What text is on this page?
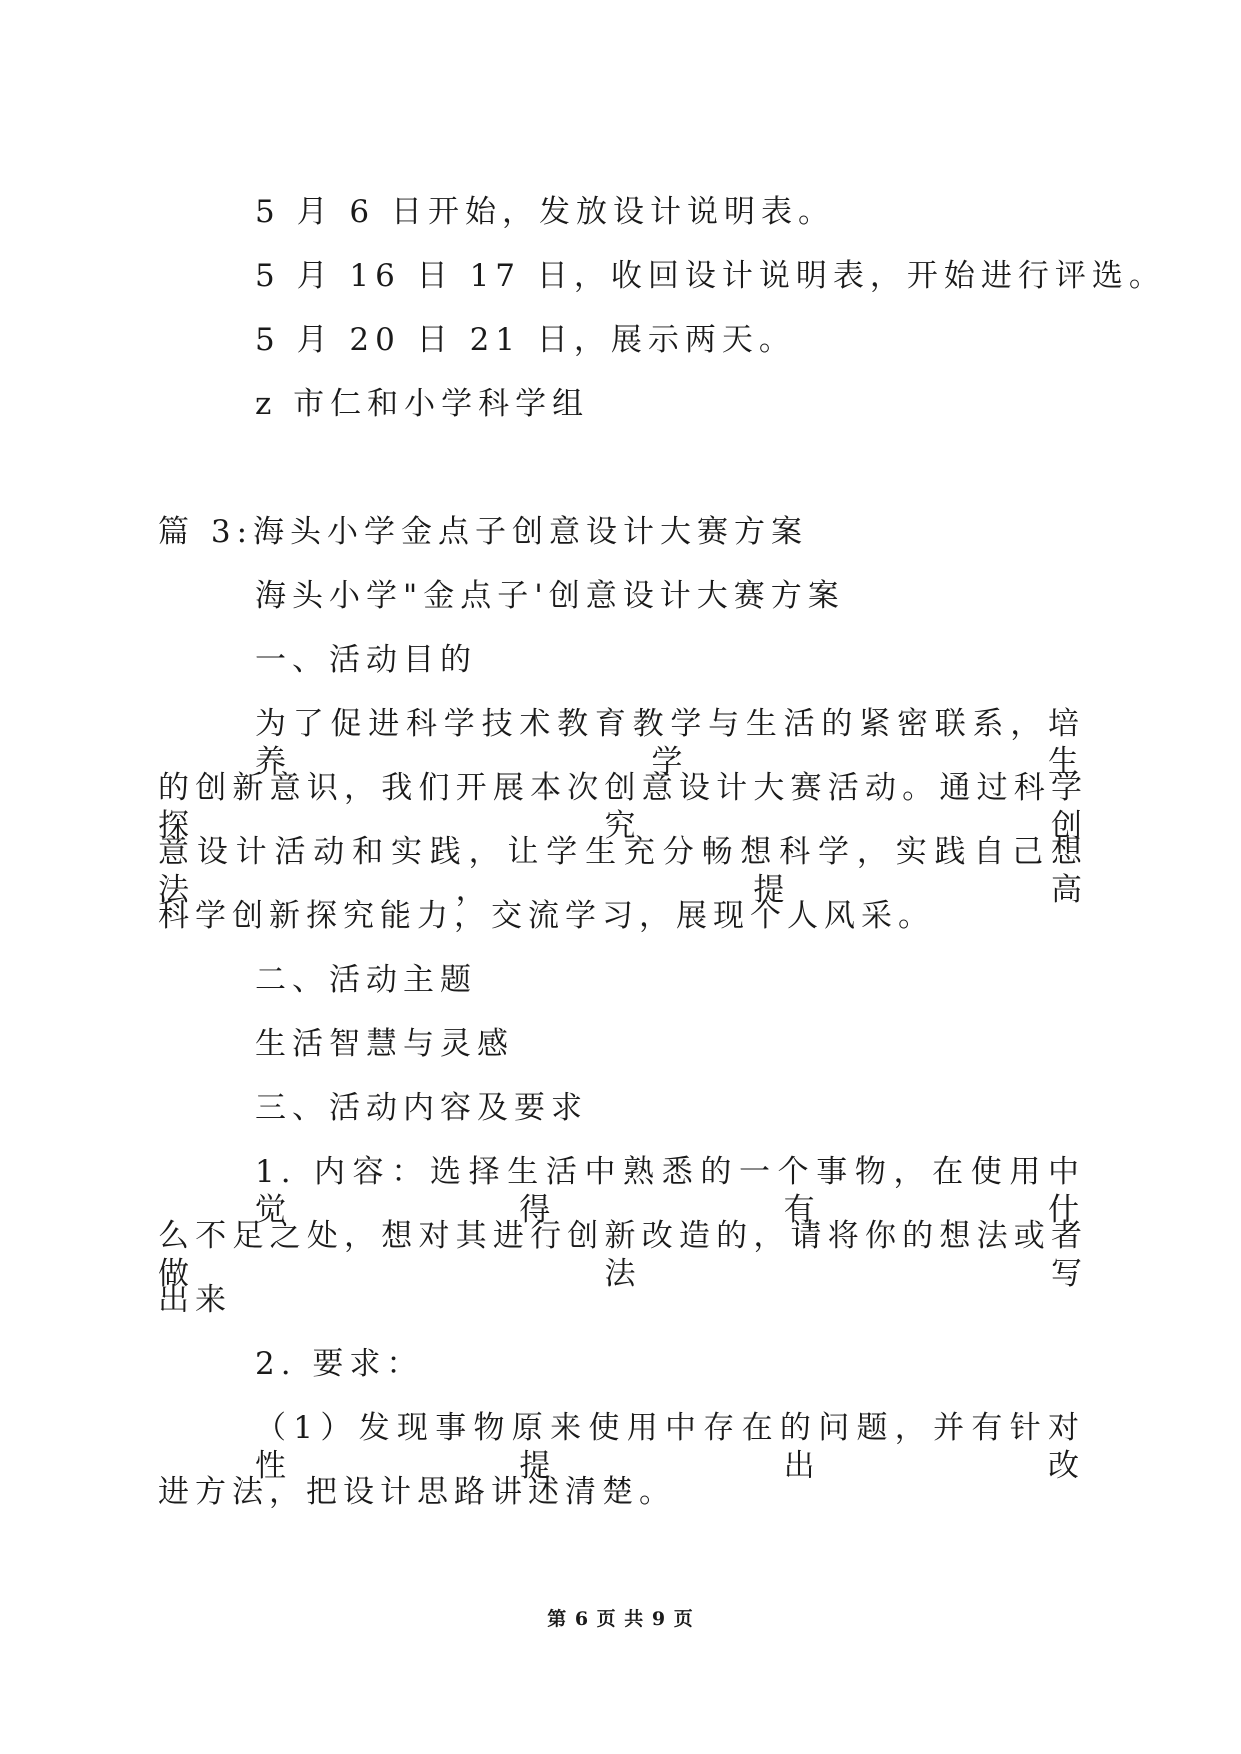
5 月 6 日开始，发放设计说明表。
5 月 16 日 17 日，收回设计说明表，开始进行评选。
5 月 20 日 21 日，展示两天。
z 市仁和小学科学组
篇 3:海头小学金点子创意设计大赛方案
海头小学"金点子'创意设计大赛方案
一、活动目的
为了促进科学技术教育教学与生活的紧密联系，培养学生
的创新意识，我们开展本次创意设计大赛活动。通过科学探究创
意设计活动和实践，让学生充分畅想科学，实践自己想法，提高
科学创新探究能力，交流学习，展现个人风采。
二、活动主题
生活智慧与灵感
三、活动内容及要求
1. 内容：选择生活中熟悉的一个事物，在使用中觉得有什
么不足之处，想对其进行创新改造的，请将你的想法或者做法写
出来
2. 要求：
（1）发现事物原来使用中存在的问题，并有针对性提出改
进方法，把设计思路讲述清楚。
第 6 页 共 9 页
